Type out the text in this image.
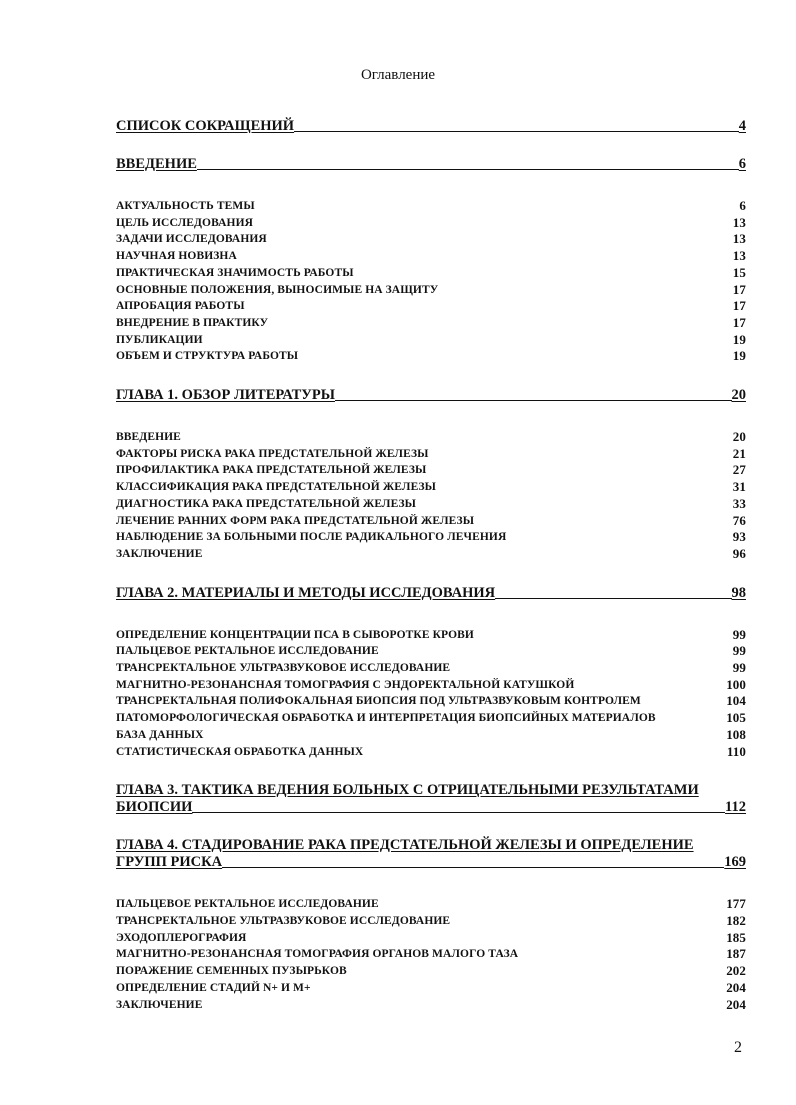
Оглавление
СПИСОК СОКРАЩЕНИЙ	4
ВВЕДЕНИЕ	6
АКТУАЛЬНОСТЬ ТЕМЫ	6
ЦЕЛЬ ИССЛЕДОВАНИЯ	13
ЗАДАЧИ ИССЛЕДОВАНИЯ	13
НАУЧНАЯ НОВИЗНА	13
ПРАКТИЧЕСКАЯ ЗНАЧИМОСТЬ РАБОТЫ	15
ОСНОВНЫЕ ПОЛОЖЕНИЯ, ВЫНОСИМЫЕ НА ЗАЩИТУ	17
АПРОБАЦИЯ РАБОТЫ	17
ВНЕДРЕНИЕ В ПРАКТИКУ	17
ПУБЛИКАЦИИ	19
ОБЪЕМ И СТРУКТУРА РАБОТЫ	19
ГЛАВА 1. ОБЗОР ЛИТЕРАТУРЫ	20
ВВЕДЕНИЕ	20
ФАКТОРЫ РИСКА РАКА ПРЕДСТАТЕЛЬНОЙ ЖЕЛЕЗЫ	21
ПРОФИЛАКТИКА РАКА ПРЕДСТАТЕЛЬНОЙ ЖЕЛЕЗЫ	27
КЛАССИФИКАЦИЯ РАКА ПРЕДСТАТЕЛЬНОЙ ЖЕЛЕЗЫ	31
ДИАГНОСТИКА РАКА ПРЕДСТАТЕЛЬНОЙ ЖЕЛЕЗЫ	33
ЛЕЧЕНИЕ РАННИХ ФОРМ РАКА ПРЕДСТАТЕЛЬНОЙ ЖЕЛЕЗЫ	76
НАБЛЮДЕНИЕ ЗА БОЛЬНЫМИ ПОСЛЕ РАДИКАЛЬНОГО ЛЕЧЕНИЯ	93
ЗАКЛЮЧЕНИЕ	96
ГЛАВА 2. МАТЕРИАЛЫ И МЕТОДЫ ИССЛЕДОВАНИЯ	98
ОПРЕДЕЛЕНИЕ КОНЦЕНТРАЦИИ ПСА В СЫВОРОТКЕ КРОВИ	99
ПАЛЬЦЕВОЕ РЕКТАЛЬНОЕ ИССЛЕДОВАНИЕ	99
ТРАНСРЕКТАЛЬНОЕ УЛЬТРАЗВУКОВОЕ ИССЛЕДОВАНИЕ	99
МАГНИТНО-РЕЗОНАНСНАЯ ТОМОГРАФИЯ С ЭНДОРЕКТАЛЬНОЙ КАТУШКОЙ	100
ТРАНСРЕКТАЛЬНАЯ ПОЛИФОКАЛЬНАЯ БИОПСИЯ ПОД УЛЬТРАЗВУКОВЫМ КОНТРОЛЕМ	104
ПАТОМОРФОЛОГИЧЕСКАЯ ОБРАБОТКА И ИНТЕРПРЕТАЦИЯ БИОПСИЙНЫХ МАТЕРИАЛОВ	105
БАЗА ДАННЫХ	108
СТАТИСТИЧЕСКАЯ ОБРАБОТКА ДАННЫХ	110
ГЛАВА 3. ТАКТИКА ВЕДЕНИЯ БОЛЬНЫХ С ОТРИЦАТЕЛЬНЫМИ РЕЗУЛЬТАТАМИ
БИОПСИИ	112
ГЛАВА 4. СТАДИРОВАНИЕ РАКА ПРЕДСТАТЕЛЬНОЙ ЖЕЛЕЗЫ И ОПРЕДЕЛЕНИЕ
ГРУПП РИСКА	169
ПАЛЬЦЕВОЕ РЕКТАЛЬНОЕ ИССЛЕДОВАНИЕ	177
ТРАНСРЕКТАЛЬНОЕ УЛЬТРАЗВУКОВОЕ ИССЛЕДОВАНИЕ	182
ЭХОДОПЛЕРОГРАФИЯ	185
МАГНИТНО-РЕЗОНАНСНАЯ ТОМОГРАФИЯ ОРГАНОВ МАЛОГО ТАЗА	187
ПОРАЖЕНИЕ СЕМЕННЫХ ПУЗЫРЬКОВ	202
ОПРЕДЕЛЕНИЕ СТАДИЙ N+ И M+	204
ЗАКЛЮЧЕНИЕ	204
2
